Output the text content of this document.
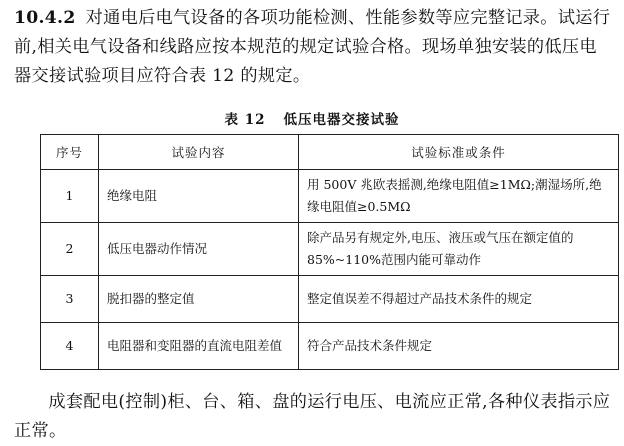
10.4.2 对通电后电气设备的各项功能检测、性能参数等应完整记录。试运行前,相关电气设备和线路应按本规范的规定试验合格。现场单独安装的低压电器交接试验项目应符合表 12 的规定。

表 12 低压电器交接试验
序号	试验内容	试验标准或条件
1	绝缘电阻	用 500V 兆欧表摇测,绝缘电阻值≥1MΩ;潮湿场所,绝缘电阻值≥0.5MΩ
2	低压电器动作情况	除产品另有规定外,电压、液压或气压在额定值的 85%~110%范围内能可靠动作
3	脱扣器的整定值	整定值误差不得超过产品技术条件的规定
4	电阻器和变阻器的直流电阻差值	符合产品技术条件规定

成套配电(控制)柜、台、箱、盘的运行电压、电流应正常,各种仪表指示应正常。
